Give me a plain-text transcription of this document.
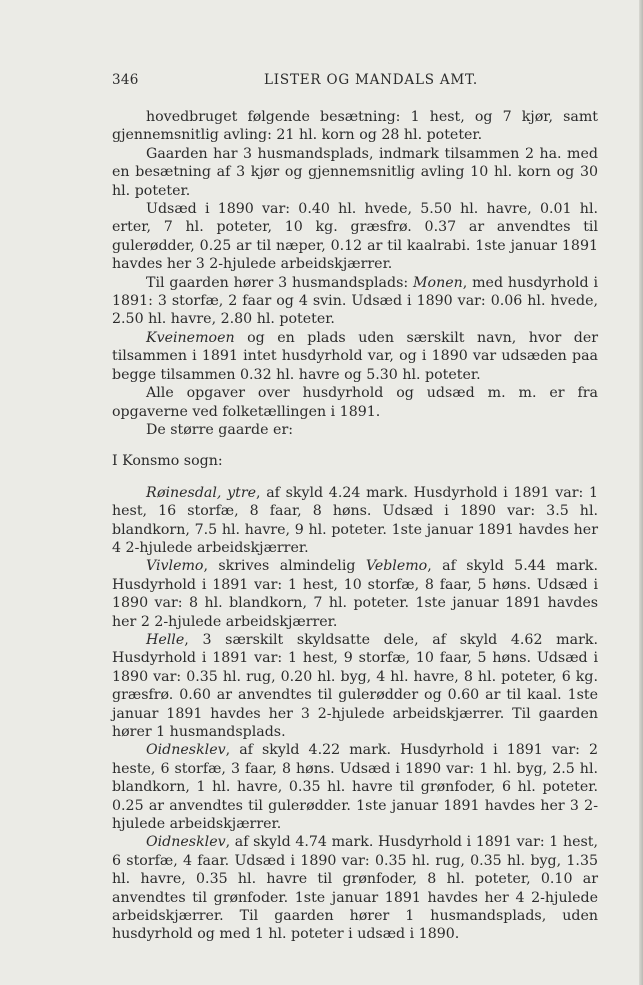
346	LISTER OG MANDALS AMT.

hovedbruget følgende besætning: 1 hest, og 7 kjør, samt gjennemsnitlig avling: 21 hl. korn og 28 hl. poteter.

Gaarden har 3 husmandsplads, indmark tilsammen 2 ha. med en besætning af 3 kjør og gjennemsnitlig avling 10 hl. korn og 30 hl. poteter.

Udsæd i 1890 var: 0.40 hl. hvede, 5.50 hl. havre, 0.01 hl. erter, 7 hl. poteter, 10 kg. græsfrø. 0.37 ar anvendtes til gulerødder, 0.25 ar til næper, 0.12 ar til kaalrabi. 1ste januar 1891 havdes her 3 2-hjulede arbeidskjærrer.

Til gaarden hører 3 husmandsplads: Monen, med husdyrhold i 1891: 3 storfæ, 2 faar og 4 svin. Udsæd i 1890 var: 0.06 hl. hvede, 2.50 hl. havre, 2.80 hl. poteter.

Kveinemoen og en plads uden særskilt navn, hvor der tilsammen i 1891 intet husdyrhold var, og i 1890 var udsæden paa begge tilsammen 0.32 hl. havre og 5.30 hl. poteter.

Alle opgaver over husdyrhold og udsæd m. m. er fra opgaverne ved folketællingen i 1891.

De større gaarde er:

I Konsmo sogn:

Røinesdal, ytre, af skyld 4.24 mark. Husdyrhold i 1891 var: 1 hest, 16 storfæ, 8 faar, 8 høns. Udsæd i 1890 var: 3.5 hl. blandkorn, 7.5 hl. havre, 9 hl. poteter. 1ste januar 1891 havdes her 4 2-hjulede arbeidskjærrer.

Vivlemo, skrives almindelig Veblemo, af skyld 5.44 mark. Husdyrhold i 1891 var: 1 hest, 10 storfæ, 8 faar, 5 høns. Udsæd i 1890 var: 8 hl. blandkorn, 7 hl. poteter. 1ste januar 1891 havdes her 2 2-hjulede arbeidskjærrer.

Helle, 3 særskilt skyldsatte dele, af skyld 4.62 mark. Husdyrhold i 1891 var: 1 hest, 9 storfæ, 10 faar, 5 høns. Udsæd i 1890 var: 0.35 hl. rug, 0.20 hl. byg, 4 hl. havre, 8 hl. poteter, 6 kg. græsfrø. 0.60 ar anvendtes til gulerødder og 0.60 ar til kaal. 1ste januar 1891 havdes her 3 2-hjulede arbeidskjærrer. Til gaarden hører 1 husmandsplads.

Oidnesklev, af skyld 4.22 mark. Husdyrhold i 1891 var: 2 heste, 6 storfæ, 3 faar, 8 høns. Udsæd i 1890 var: 1 hl. byg, 2.5 hl. blandkorn, 1 hl. havre, 0.35 hl. havre til grønfoder, 6 hl. poteter. 0.25 ar anvendtes til gulerødder. 1ste januar 1891 havdes her 3 2-hjulede arbeidskjærrer.

Oidnesklev, af skyld 4.74 mark. Husdyrhold i 1891 var: 1 hest, 6 storfæ, 4 faar. Udsæd i 1890 var: 0.35 hl. rug, 0.35 hl. byg, 1.35 hl. havre, 0.35 hl. havre til grønfoder, 8 hl. poteter, 0.10 ar anvendtes til grønfoder. 1ste januar 1891 havdes her 4 2-hjulede arbeidskjærrer. Til gaarden hører 1 husmandsplads, uden husdyrhold og med 1 hl. poteter i udsæd i 1890.
